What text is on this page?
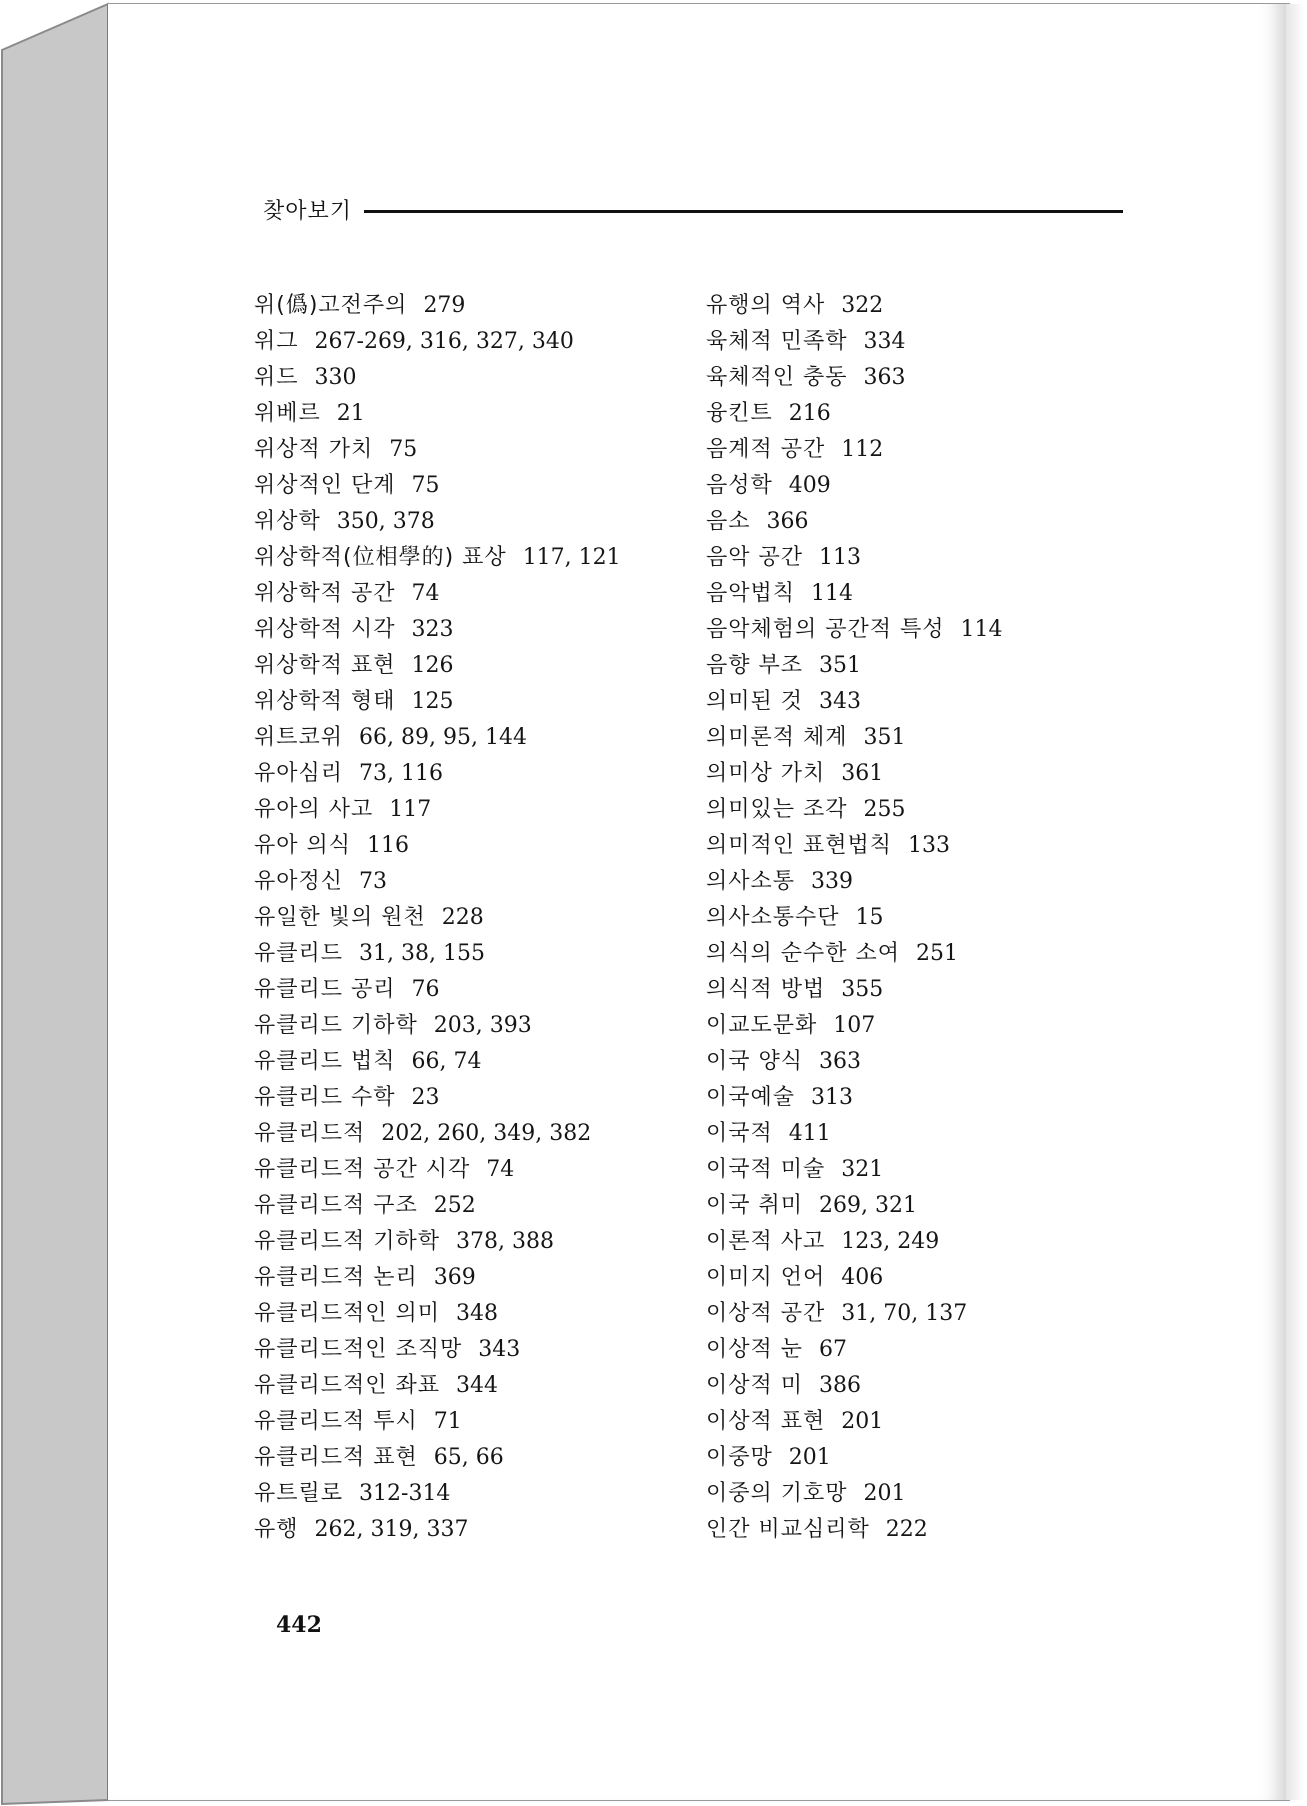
찾아보기
위(僞)고전주의 279
위그 267-269, 316, 327, 340
위드 330
위베르 21
위상적 가치 75
위상적인 단계 75
위상학 350, 378
위상학적(位相學的) 표상 117, 121
위상학적 공간 74
위상학적 시각 323
위상학적 표현 126
위상학적 형태 125
위트코위 66, 89, 95, 144
유아심리 73, 116
유아의 사고 117
유아 의식 116
유아정신 73
유일한 빛의 원천 228
유클리드 31, 38, 155
유클리드 공리 76
유클리드 기하학 203, 393
유클리드 법칙 66, 74
유클리드 수학 23
유클리드적 202, 260, 349, 382
유클리드적 공간 시각 74
유클리드적 구조 252
유클리드적 기하학 378, 388
유클리드적 논리 369
유클리드적인 의미 348
유클리드적인 조직망 343
유클리드적인 좌표 344
유클리드적 투시 71
유클리드적 표현 65, 66
유트릴로 312-314
유행 262, 319, 337
유행의 역사 322
육체적 민족학 334
육체적인 충동 363
융킨트 216
음계적 공간 112
음성학 409
음소 366
음악 공간 113
음악법칙 114
음악체험의 공간적 특성 114
음향 부조 351
의미된 것 343
의미론적 체계 351
의미상 가치 361
의미있는 조각 255
의미적인 표현법칙 133
의사소통 339
의사소통수단 15
의식의 순수한 소여 251
의식적 방법 355
이교도문화 107
이국 양식 363
이국예술 313
이국적 411
이국적 미술 321
이국 취미 269, 321
이론적 사고 123, 249
이미지 언어 406
이상적 공간 31, 70, 137
이상적 눈 67
이상적 미 386
이상적 표현 201
이중망 201
이중의 기호망 201
인간 비교심리학 222
442
